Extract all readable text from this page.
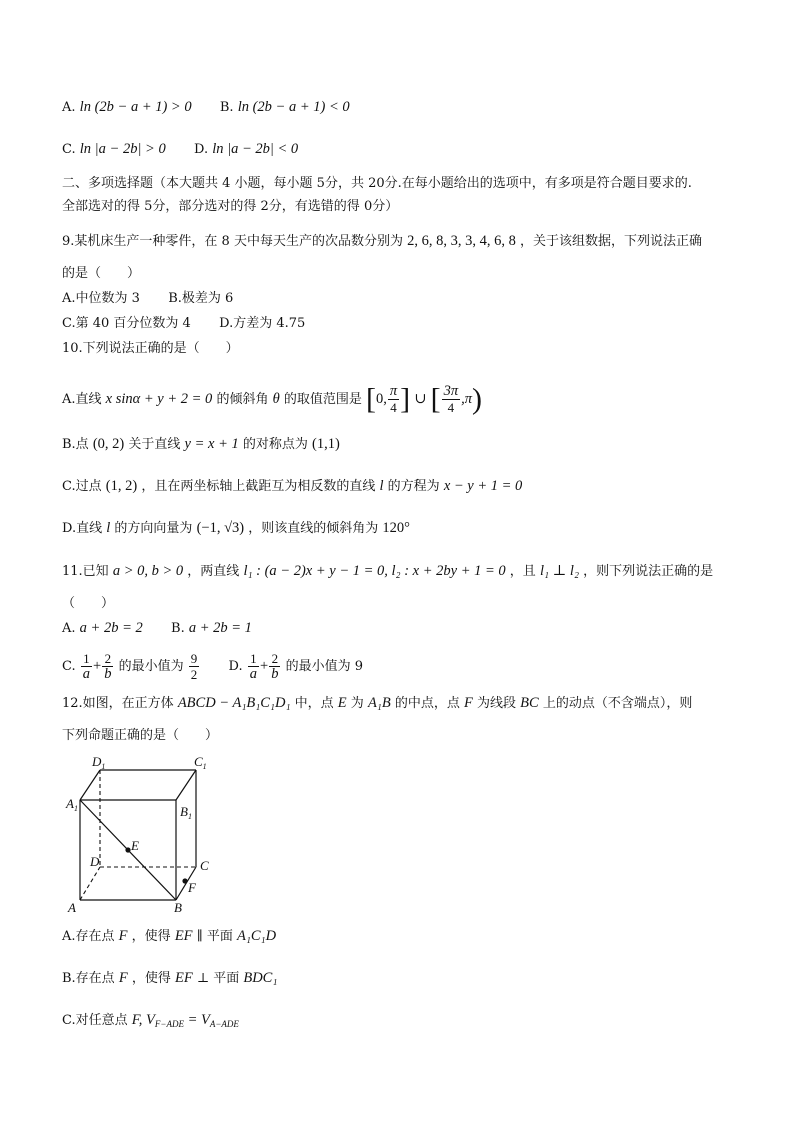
A. ln (2b − a + 1) > 0 B. ln (2b − a + 1) < 0
C. ln |a − 2b| > 0 D. ln |a − 2b| < 0
二、多项选择题（本大题共 4 小题，每小题 5分，共 20分.在每小题给出的选项中，有多项是符合题目要求的.
全部选对的得 5分，部分选对的得 2分，有选错的得 0分）
9.某机床生产一种零件，在 8 天中每天生产的次品数分别为 2, 6, 8, 3, 3, 4, 6, 8 ，关于该组数据，下列说法正确
的是（　　）
A.中位数为 3 B.极差为 6
C.第 40 百分位数为 4 D.方差为 4.75
10.下列说法正确的是（　　）
A.直线 x sinα + y + 2 = 0 的倾斜角 θ 的取值范围是 [0, $\frac{\pi}{4}$ ] ∪ [ $\frac{3\pi}{4} ,\pi$)
B.点 (0, 2) 关于直线 y = x + 1 的对称点为 (1,1)
C.过点 (1, 2) ，且在两坐标轴上截距互为相反数的直线 l 的方程为 x − y + 1 = 0
D.直线 l 的方向向量为 (−1, √3) ，则该直线的倾斜角为 120°
11.已知 a > 0, b > 0 ，两直线 l₁ : (a − 2)x + y − 1 = 0, l₂ : x + 2by + 1 = 0 ，且 l₁ ⊥ l₂ ，则下列说法正确的是
（　　）
A. a + 2b = 2 B. a + 2b = 1
C. $\frac{1}{a} + \frac{2}{b}$ 的最小值为 $\frac{9}{2} D$. $\frac{1}{a} + \frac{2}{b}$ 的最小值为 9
12.如图，在正方体 ABCD − A₁B₁C₁D₁ 中，点 E 为 A₁B 的中点，点 F 为线段 BC 上的动点（不含端点），则
下列命题正确的是（　　）
$A_1$	$B_1$
$C_1$
$D_1$
A	B
C
D
E
F
A.存在点 F ，使得 EF ∥ 平面 A₁C₁D
B.存在点 F ，使得 EF ⊥ 平面 BDC₁
C.对任意点 F, $V_{F-ADE} = V_{A-ADE}$
